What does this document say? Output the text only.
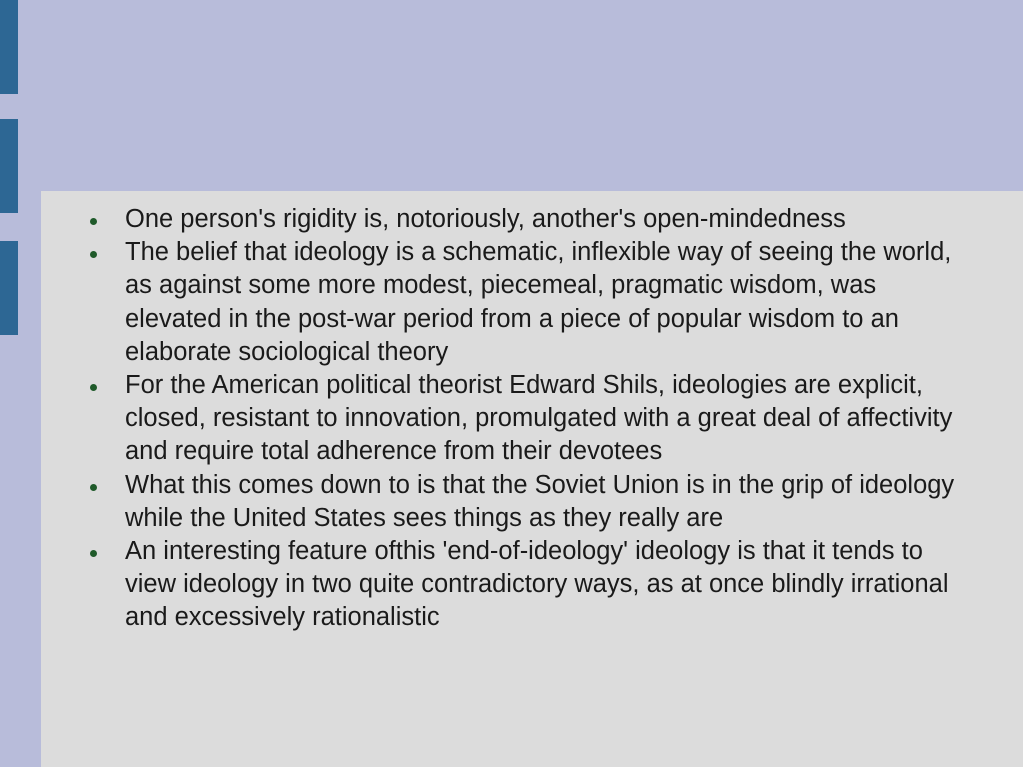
One person's rigidity is, notoriously, another's open-mindedness
The belief that ideology is a schematic, inflexible way of seeing the world, as against some more modest, piecemeal, pragmatic wisdom, was elevated in the post-war period from a piece of popular wisdom to an elaborate sociological theory
For the American political theorist Edward Shils, ideologies are explicit, closed, resistant to innovation, promulgated with a great deal of affectivity and require total adherence from their devotees
What this comes down to is that the Soviet Union is in the grip of ideology while the United States sees things as they really are
An interesting feature ofthis 'end-of-ideology' ideology is that it tends to view ideology in two quite contradictory ways, as at once blindly irrational and excessively rationalistic
